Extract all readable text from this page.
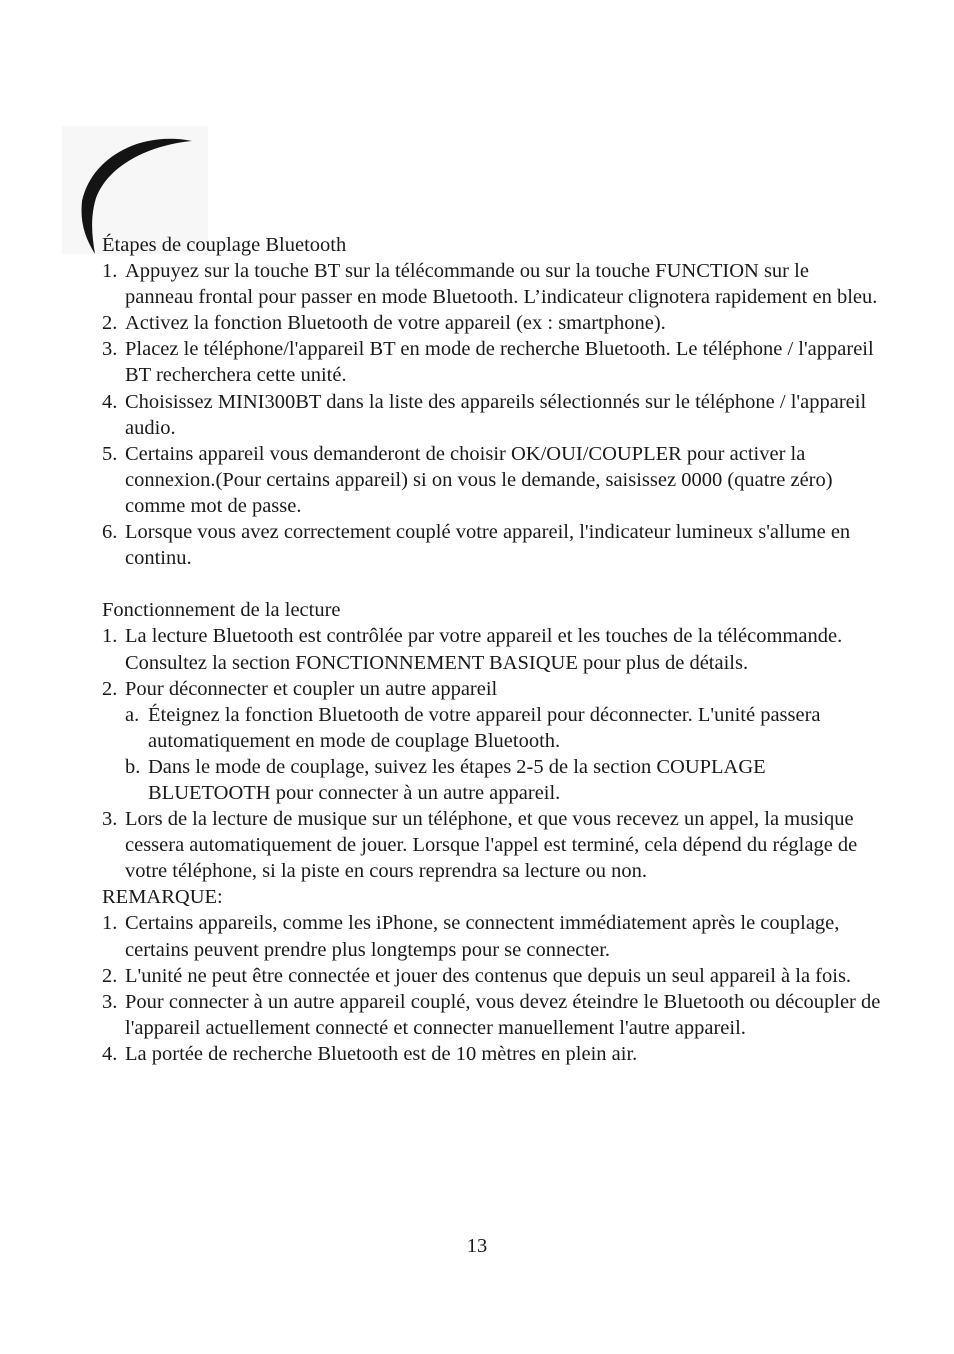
Étapes de couplage Bluetooth

1. Appuyez sur la touche BT sur la télécommande ou sur la touche FUNCTION sur le panneau frontal pour passer en mode Bluetooth. L’indicateur clignotera rapidement en bleu.
2. Activez la fonction Bluetooth de votre appareil (ex : smartphone).
3. Placez le téléphone/l'appareil BT en mode de recherche Bluetooth. Le téléphone / l'appareil BT recherchera cette unité.
4. Choisissez MINI300BT dans la liste des appareils sélectionnés sur le téléphone / l'appareil audio.
5. Certains appareil vous demanderont de choisir OK/OUI/COUPLER pour activer la connexion.(Pour certains appareil) si on vous le demande, saisissez 0000 (quatre zéro) comme mot de passe.
6. Lorsque vous avez correctement couplé votre appareil, l'indicateur lumineux s'allume en continu.

Fonctionnement de la lecture

1. La lecture Bluetooth est contrôlée par votre appareil et les touches de la télécommande. Consultez la section FONCTIONNEMENT BASIQUE pour plus de détails.
2. Pour déconnecter et coupler un autre appareil
a. Éteignez la fonction Bluetooth de votre appareil pour déconnecter. L'unité passera automatiquement en mode de couplage Bluetooth.
b. Dans le mode de couplage, suivez les étapes 2-5 de la section COUPLAGE BLUETOOTH pour connecter à un autre appareil.
3. Lors de la lecture de musique sur un téléphone, et que vous recevez un appel, la musique cessera automatiquement de jouer. Lorsque l'appel est terminé, cela dépend du réglage de votre téléphone, si la piste en cours reprendra sa lecture ou non.

REMARQUE:

1. Certains appareils, comme les iPhone, se connectent immédiatement après le couplage, certains peuvent prendre plus longtemps pour se connecter.
2. L'unité ne peut être connectée et jouer des contenus que depuis un seul appareil à la fois.
3. Pour connecter à un autre appareil couplé, vous devez éteindre le Bluetooth ou découpler de l'appareil actuellement connecté et connecter manuellement l'autre appareil.
4. La portée de recherche Bluetooth est de 10 mètres en plein air.
13
